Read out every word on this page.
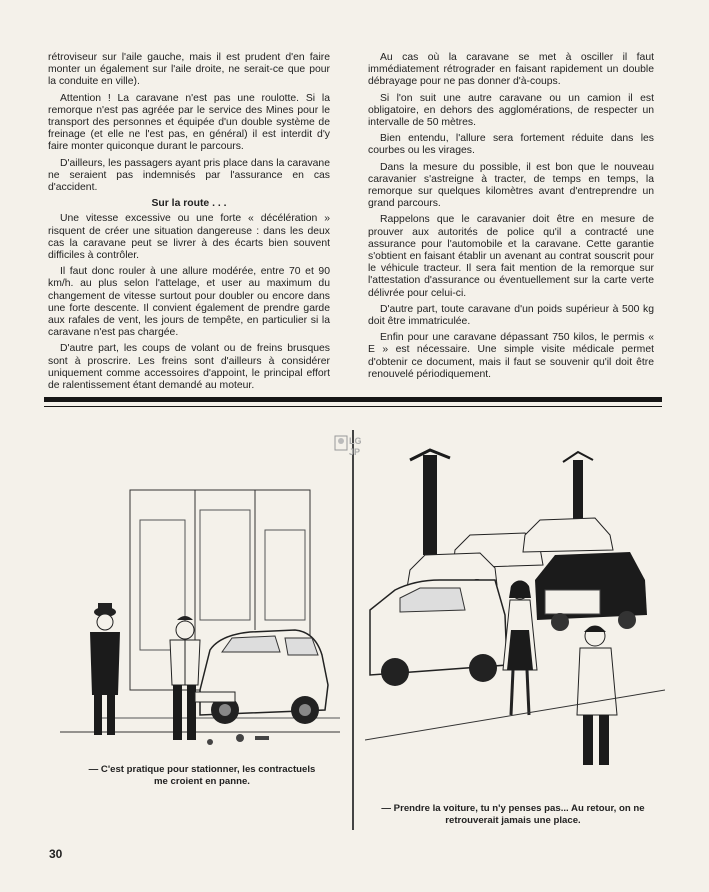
rétroviseur sur l'aile gauche, mais il est prudent d'en faire monter un également sur l'aile droite, ne serait-ce que pour la conduite en ville).

Attention ! La caravane n'est pas une roulotte. Si la remorque n'est pas agréée par le service des Mines pour le transport des personnes et équipée d'un double système de freinage (et elle ne l'est pas, en général) il est interdit d'y faire monter quiconque durant le parcours.

D'ailleurs, les passagers ayant pris place dans la caravane ne seraient pas indemnisés par l'assurance en cas d'accident.

Sur la route . . .

Une vitesse excessive ou une forte « décélération » risquent de créer une situation dangereuse : dans les deux cas la caravane peut se livrer à des écarts bien souvent difficiles à contrôler.

Il faut donc rouler à une allure modérée, entre 70 et 90 km/h. au plus selon l'attelage, et user au maximum du changement de vitesse surtout pour doubler ou encore dans une forte descente. Il convient également de prendre garde aux rafales de vent, les jours de tempête, en particulier si la caravane n'est pas chargée.

D'autre part, les coups de volant ou de freins brusques sont à proscrire. Les freins sont d'ailleurs à considérer uniquement comme accessoires d'appoint, le principal effort de ralentissement étant demandé au moteur.

Au cas où la caravane se met à osciller il faut immédiatement rétrograder en faisant rapidement un double débrayage pour ne pas donner d'à-coups.

Si l'on suit une autre caravane ou un camion il est obligatoire, en dehors des agglomérations, de respecter un intervalle de 50 mètres.

Bien entendu, l'allure sera fortement réduite dans les courbes ou les virages.

Dans la mesure du possible, il est bon que le nouveau caravanier s'astreigne à tracter, de temps en temps, la remorque sur quelques kilomètres avant d'entreprendre un grand parcours.

Rappelons que le caravanier doit être en mesure de prouver aux autorités de police qu'il a contracté une assurance pour l'automobile et la caravane. Cette garantie s'obtient en faisant établir un avenant au contrat souscrit pour le véhicule tracteur. Il sera fait mention de la remorque sur l'attestation d'assurance ou éventuellement sur la carte verte délivrée pour celui-ci.

D'autre part, toute caravane d'un poids supérieur à 500 kg doit être immatriculée.

Enfin pour une caravane dépassant 750 kilos, le permis « E » est nécessaire. Une simple visite médicale permet d'obtenir ce document, mais il faut se souvenir qu'il doit être renouvelé périodiquement.

LG
JP
— C'est pratique pour stationner, les contractuels
me croient en panne.
— Prendre la voiture, tu n'y penses pas... Au retour, on ne
retrouverait jamais une place.
30
